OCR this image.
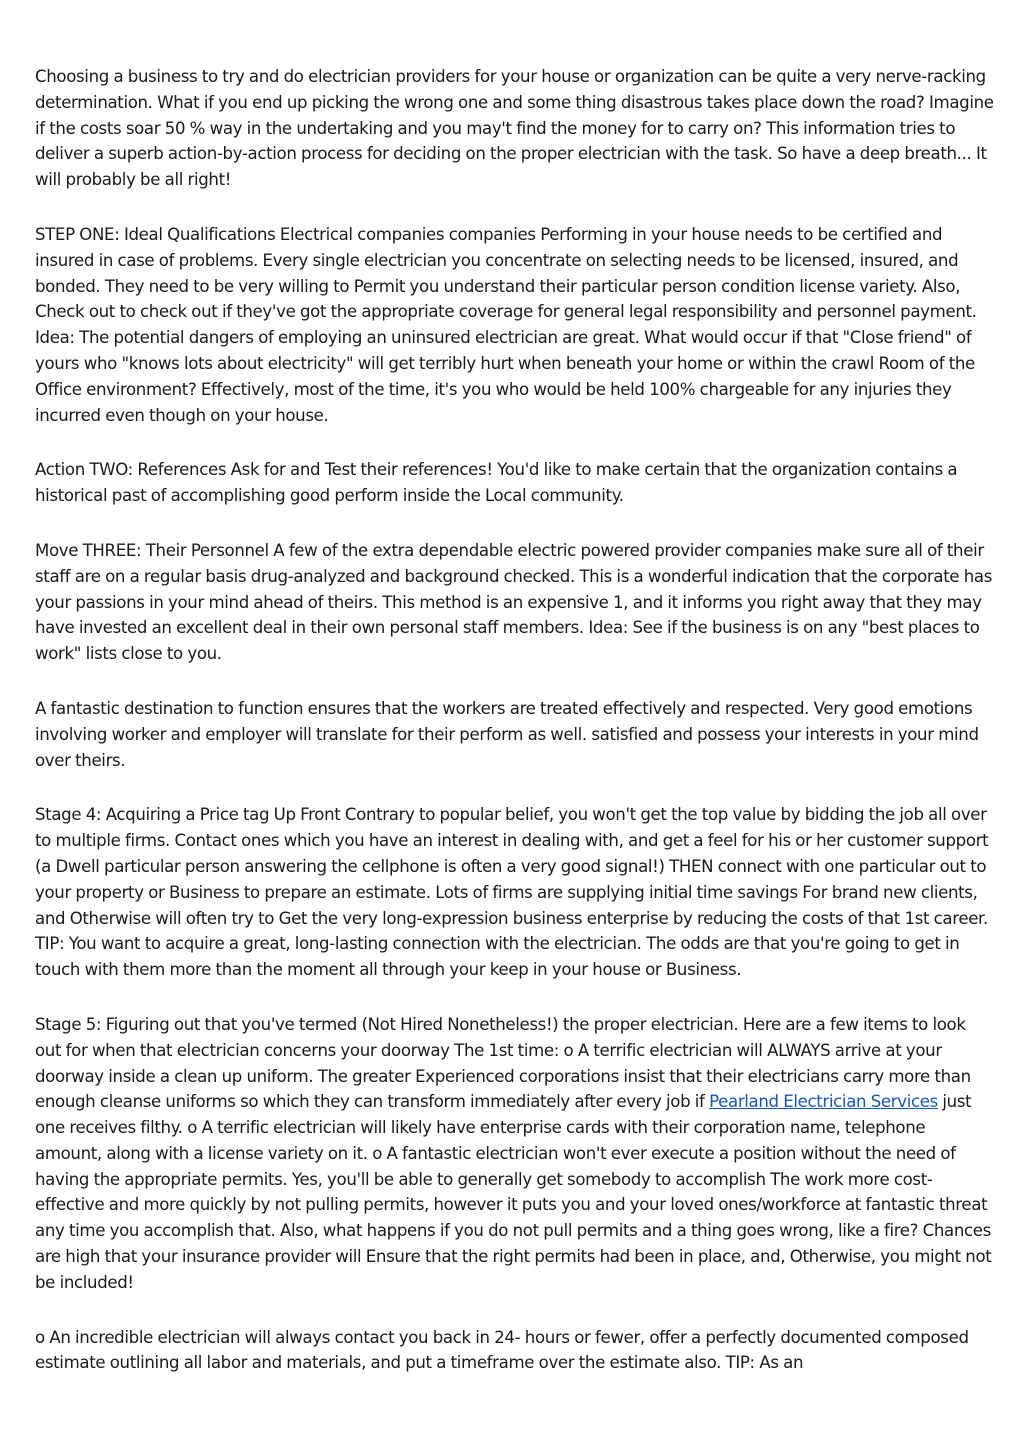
Choosing a business to try and do electrician providers for your house or organization can be quite a very nerve-racking determination. What if you end up picking the wrong one and some thing disastrous takes place down the road? Imagine if the costs soar 50 % way in the undertaking and you may't find the money for to carry on? This information tries to deliver a superb action-by-action process for deciding on the proper electrician with the task. So have a deep breath... It will probably be all right!

STEP ONE: Ideal Qualifications Electrical companies companies Performing in your house needs to be certified and insured in case of problems. Every single electrician you concentrate on selecting needs to be licensed, insured, and bonded. They need to be very willing to Permit you understand their particular person condition license variety. Also, Check out to check out if they've got the appropriate coverage for general legal responsibility and personnel payment. Idea: The potential dangers of employing an uninsured electrician are great. What would occur if that "Close friend" of yours who "knows lots about electricity" will get terribly hurt when beneath your home or within the crawl Room of the Office environment? Effectively, most of the time, it's you who would be held 100% chargeable for any injuries they incurred even though on your house.

Action TWO: References Ask for and Test their references! You'd like to make certain that the organization contains a historical past of accomplishing good perform inside the Local community.

Move THREE: Their Personnel A few of the extra dependable electric powered provider companies make sure all of their staff are on a regular basis drug-analyzed and background checked. This is a wonderful indication that the corporate has your passions in your mind ahead of theirs. This method is an expensive 1, and it informs you right away that they may have invested an excellent deal in their own personal staff members. Idea: See if the business is on any "best places to work" lists close to you.

A fantastic destination to function ensures that the workers are treated effectively and respected. Very good emotions involving worker and employer will translate for their perform as well. satisfied and possess your interests in your mind over theirs.

Stage 4: Acquiring a Price tag Up Front Contrary to popular belief, you won't get the top value by bidding the job all over to multiple firms. Contact ones which you have an interest in dealing with, and get a feel for his or her customer support (a Dwell particular person answering the cellphone is often a very good signal!) THEN connect with one particular out to your property or Business to prepare an estimate. Lots of firms are supplying initial time savings For brand new clients, and Otherwise will often try to Get the very long-expression business enterprise by reducing the costs of that 1st career. TIP: You want to acquire a great, long-lasting connection with the electrician. The odds are that you're going to get in touch with them more than the moment all through your keep in your house or Business.

Stage 5: Figuring out that you've termed (Not Hired Nonetheless!) the proper electrician. Here are a few items to look out for when that electrician concerns your doorway The 1st time: o A terrific electrician will ALWAYS arrive at your doorway inside a clean up uniform. The greater Experienced corporations insist that their electricians carry more than enough cleanse uniforms so which they can transform immediately after every job if Pearland Electrician Services just one receives filthy. o A terrific electrician will likely have enterprise cards with their corporation name, telephone amount, along with a license variety on it. o A fantastic electrician won't ever execute a position without the need of having the appropriate permits. Yes, you'll be able to generally get somebody to accomplish The work more cost-effective and more quickly by not pulling permits, however it puts you and your loved ones/workforce at fantastic threat any time you accomplish that. Also, what happens if you do not pull permits and a thing goes wrong, like a fire? Chances are high that your insurance provider will Ensure that the right permits had been in place, and, Otherwise, you might not be included!

o An incredible electrician will always contact you back in 24- hours or fewer, offer a perfectly documented composed estimate outlining all labor and materials, and put a timeframe over the estimate also. TIP: As an
